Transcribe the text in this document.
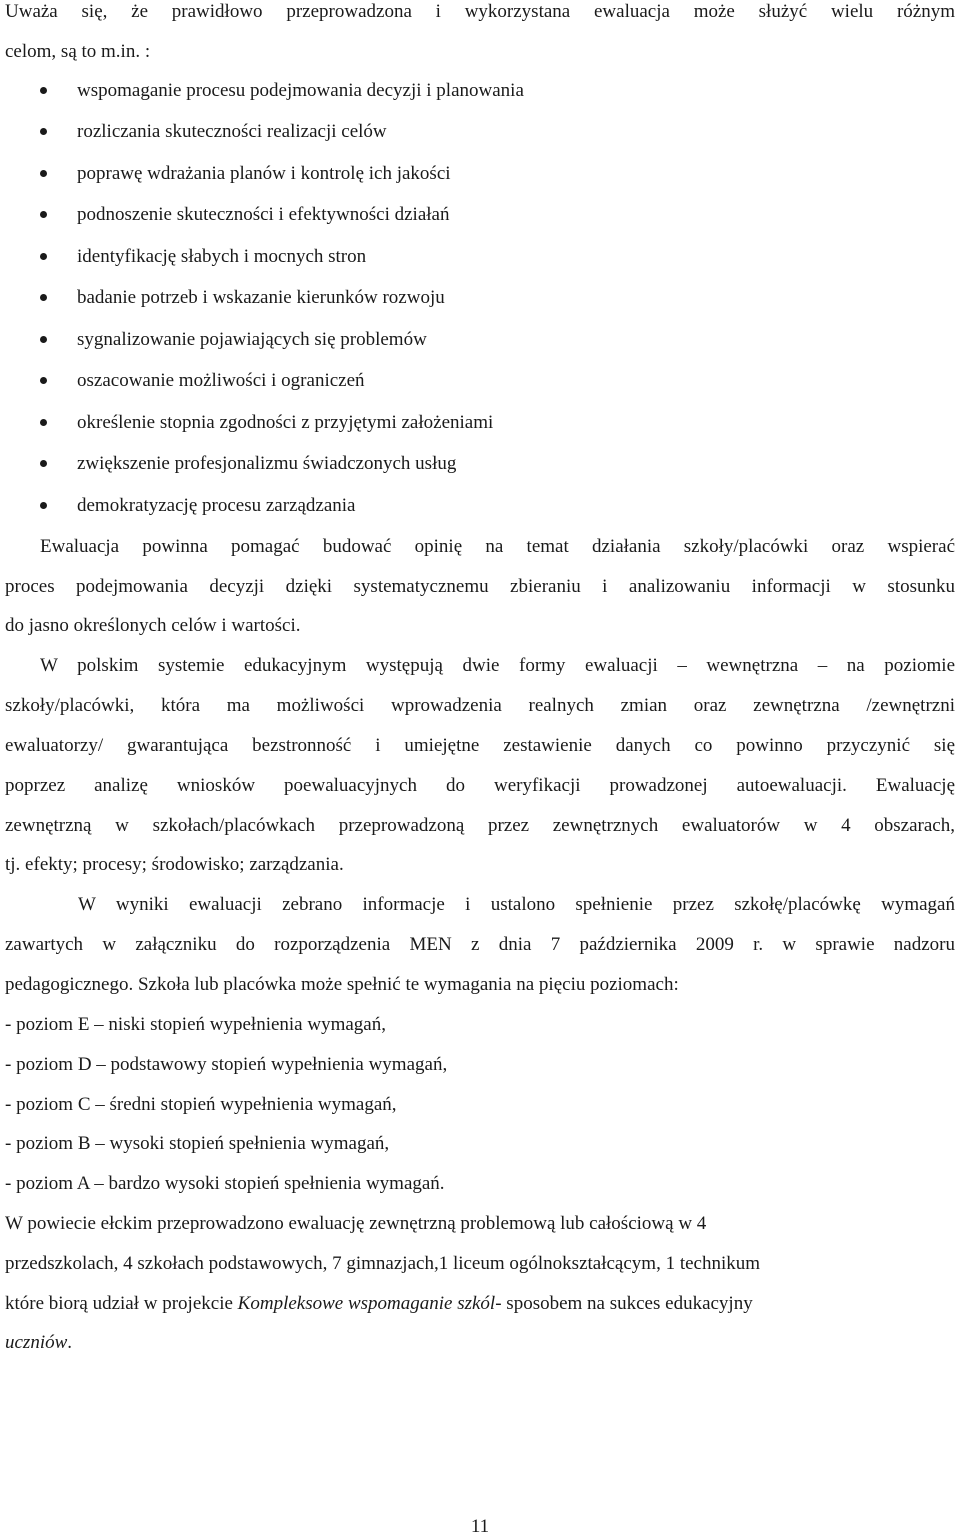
Uważa się, że prawidłowo przeprowadzona i wykorzystana ewaluacja może służyć wielu różnym
celom, są to m.in. :
wspomaganie procesu podejmowania decyzji i planowania
rozliczania skuteczności realizacji celów
poprawę wdrażania planów i kontrolę ich jakości
podnoszenie skuteczności i efektywności działań
identyfikację słabych i mocnych stron
badanie potrzeb i wskazanie kierunków rozwoju
sygnalizowanie pojawiających się problemów
oszacowanie możliwości i ograniczeń
określenie stopnia zgodności z przyjętymi założeniami
zwiększenie profesjonalizmu świadczonych usług
demokratyzację procesu zarządzania
Ewaluacja powinna pomagać budować opinię na temat działania szkoły/placówki oraz wspierać
proces podejmowania decyzji dzięki systematycznemu zbieraniu i analizowaniu informacji w stosunku
do jasno określonych celów i wartości.
W polskim systemie edukacyjnym występują dwie formy ewaluacji – wewnętrzna – na poziomie
szkoły/placówki, która ma możliwości wprowadzenia realnych zmian oraz zewnętrzna /zewnętrzni
ewaluatorzy/ gwarantująca bezstronność i umiejętne zestawienie danych co powinno przyczynić się
poprzez analizę wniosków poewaluacyjnych do weryfikacji prowadzonej autoewaluacji. Ewaluację
zewnętrzną w szkołach/placówkach przeprowadzoną przez zewnętrznych ewaluatorów w 4 obszarach,
tj. efekty; procesy; środowisko; zarządzania.
W wyniki ewaluacji zebrano informacje i ustalono spełnienie przez szkołę/placówkę wymagań
zawartych w załączniku do rozporządzenia MEN z dnia 7 października 2009 r. w sprawie nadzoru
pedagogicznego. Szkoła lub placówka może spełnić te wymagania na pięciu poziomach:
- poziom E – niski stopień wypełnienia wymagań,
- poziom D – podstawowy stopień wypełnienia wymagań,
- poziom C – średni stopień wypełnienia wymagań,
- poziom B – wysoki stopień spełnienia wymagań,
- poziom A – bardzo wysoki stopień spełnienia wymagań.
W powiecie ełckim przeprowadzono ewaluację zewnętrzną problemową lub całościową w 4
przedszkolach, 4 szkołach podstawowych, 7 gimnazjach,1 liceum ogólnokształcącym, 1 technikum
które biorą udział w projekcie Kompleksowe wspomaganie szkól- sposobem na sukces edukacyjny
uczniów.
11
